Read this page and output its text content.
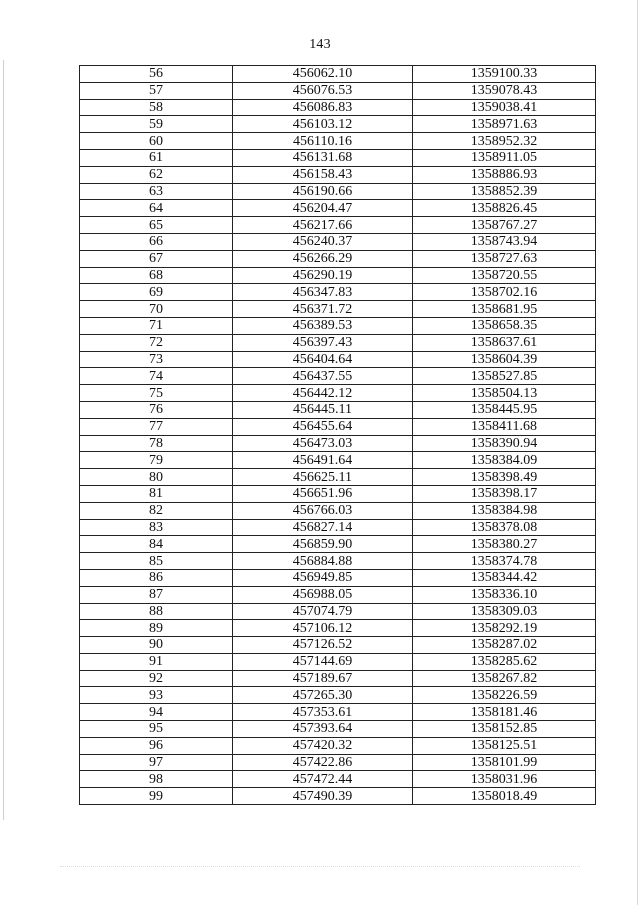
143
56	456062.10	1359100.33
57	456076.53	1359078.43
58	456086.83	1359038.41
59	456103.12	1358971.63
60	456110.16	1358952.32
61	456131.68	1358911.05
62	456158.43	1358886.93
63	456190.66	1358852.39
64	456204.47	1358826.45
65	456217.66	1358767.27
66	456240.37	1358743.94
67	456266.29	1358727.63
68	456290.19	1358720.55
69	456347.83	1358702.16
70	456371.72	1358681.95
71	456389.53	1358658.35
72	456397.43	1358637.61
73	456404.64	1358604.39
74	456437.55	1358527.85
75	456442.12	1358504.13
76	456445.11	1358445.95
77	456455.64	1358411.68
78	456473.03	1358390.94
79	456491.64	1358384.09
80	456625.11	1358398.49
81	456651.96	1358398.17
82	456766.03	1358384.98
83	456827.14	1358378.08
84	456859.90	1358380.27
85	456884.88	1358374.78
86	456949.85	1358344.42
87	456988.05	1358336.10
88	457074.79	1358309.03
89	457106.12	1358292.19
90	457126.52	1358287.02
91	457144.69	1358285.62
92	457189.67	1358267.82
93	457265.30	1358226.59
94	457353.61	1358181.46
95	457393.64	1358152.85
96	457420.32	1358125.51
97	457422.86	1358101.99
98	457472.44	1358031.96
99	457490.39	1358018.49
